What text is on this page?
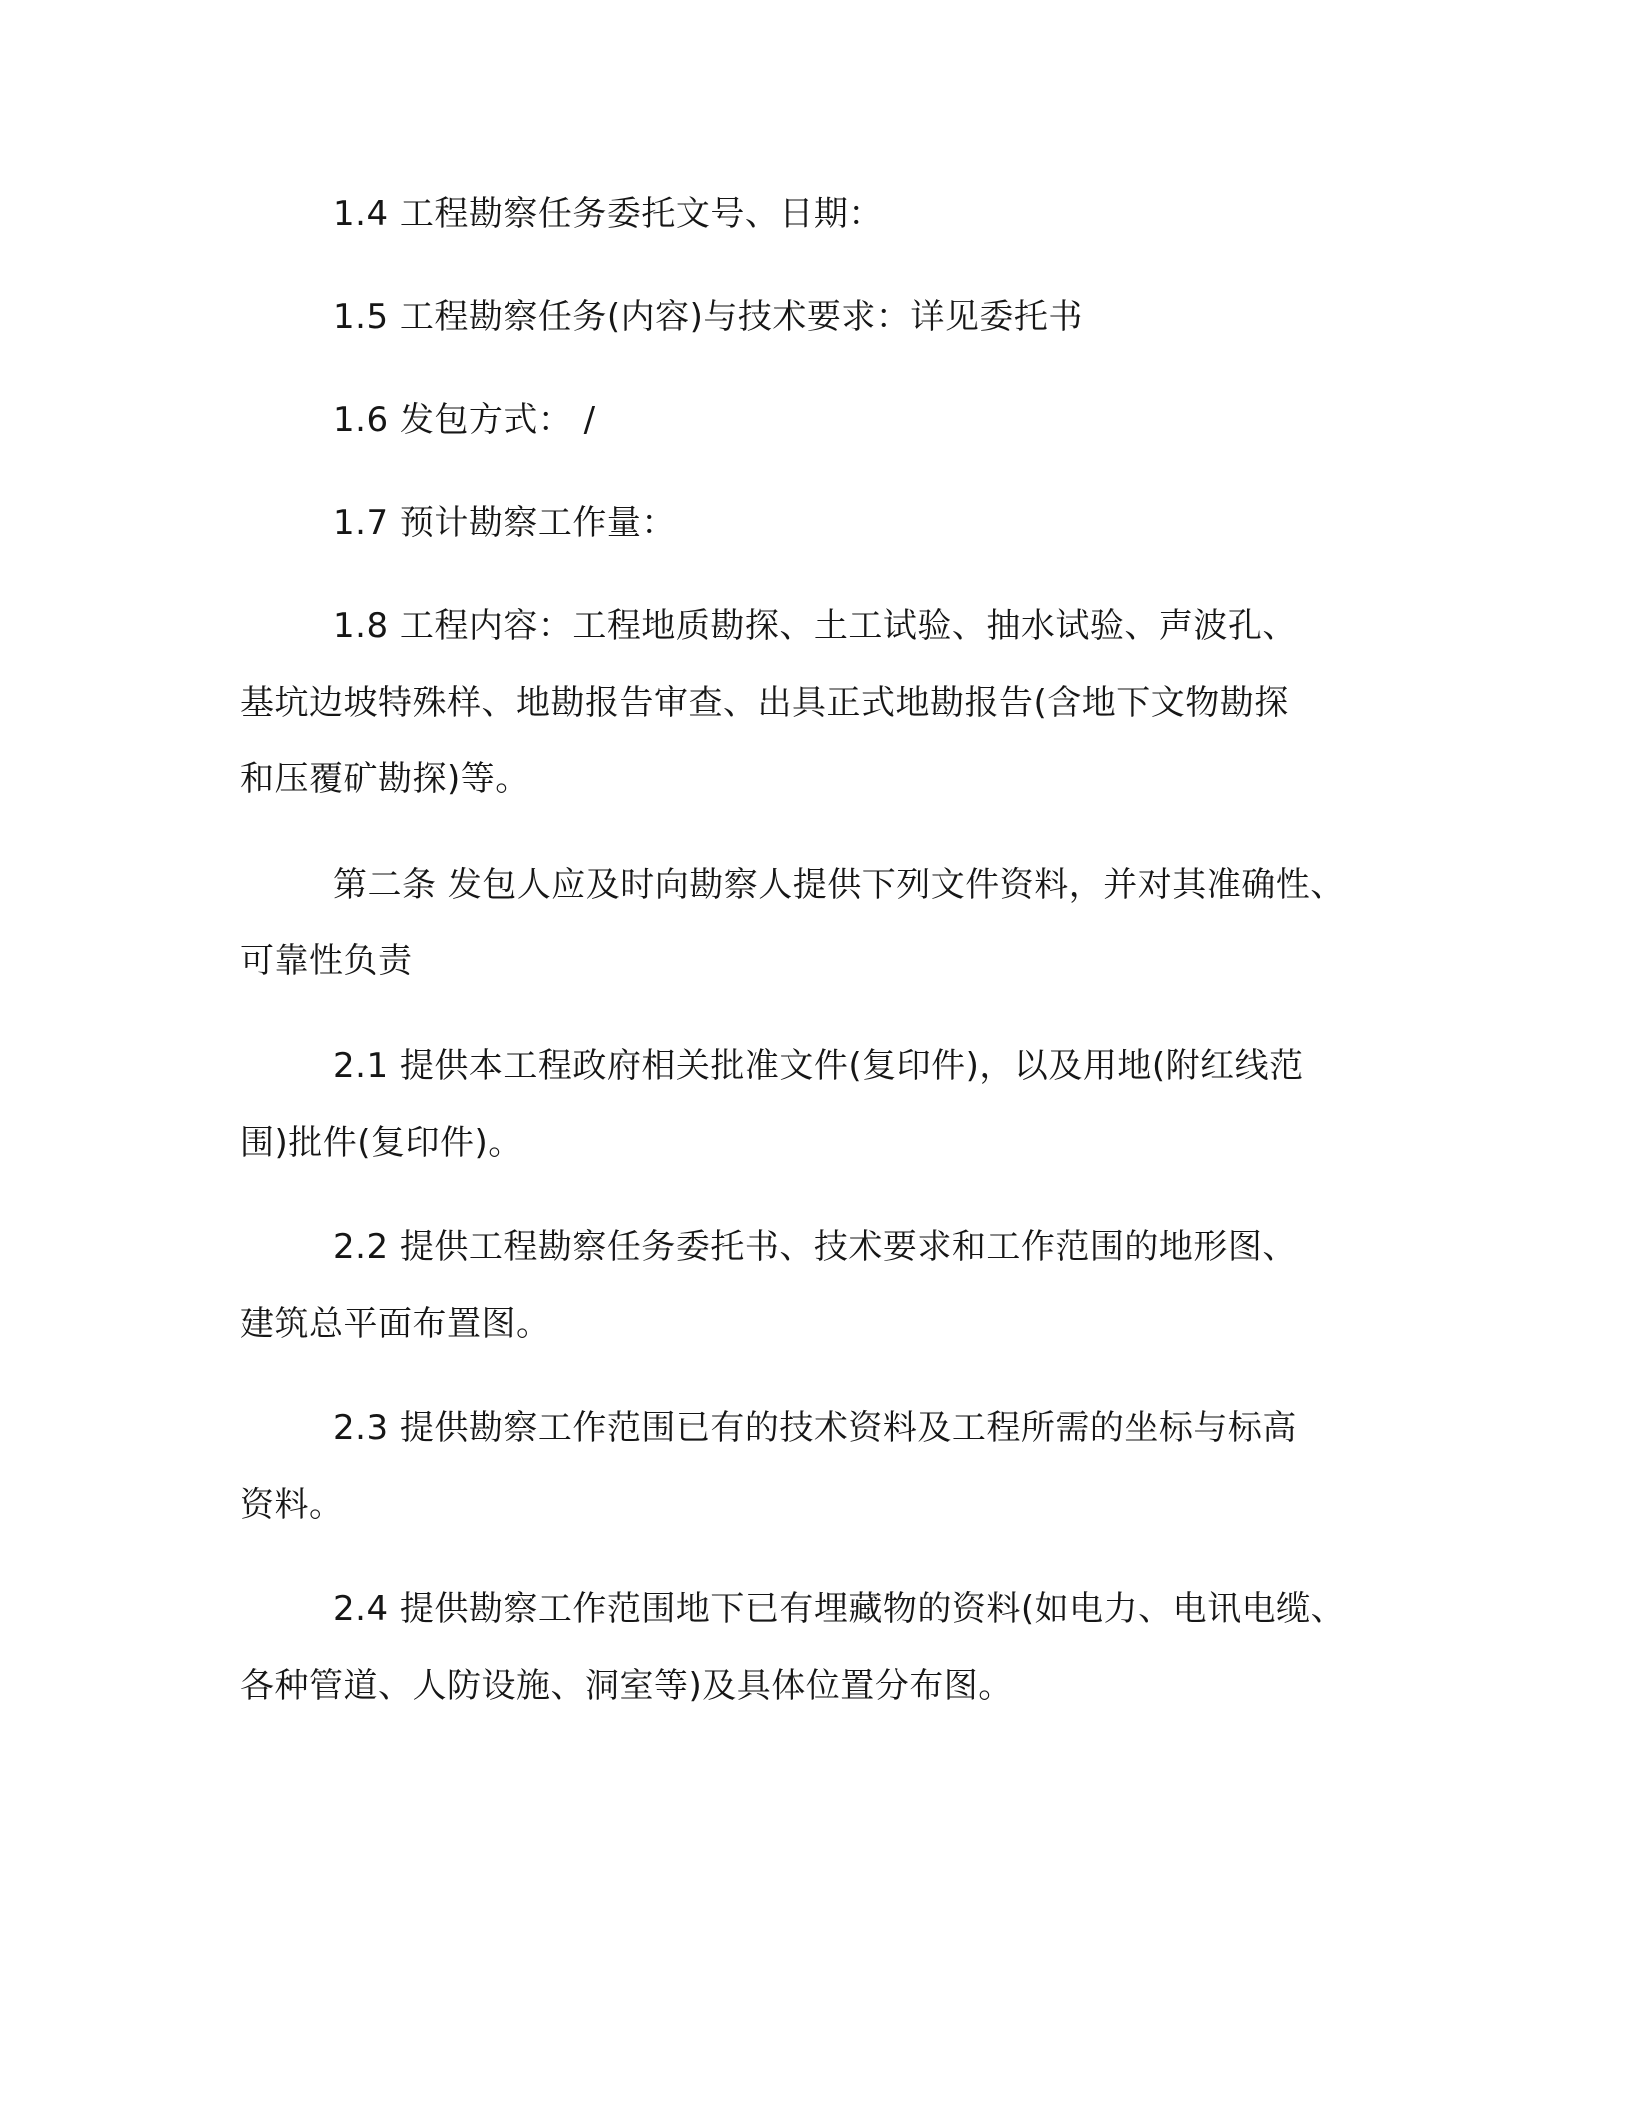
1.4 工程勘察任务委托文号、日期：
1.5 工程勘察任务(内容)与技术要求：详见委托书
1.6 发包方式： /
1.7 预计勘察工作量：
1.8 工程内容：工程地质勘探、土工试验、抽水试验、声波孔、
基坑边坡特殊样、地勘报告审查、出具正式地勘报告(含地下文物勘探
和压覆矿勘探)等。
第二条 发包人应及时向勘察人提供下列文件资料，并对其准确性、
可靠性负责
2.1 提供本工程政府相关批准文件(复印件)，以及用地(附红线范
围)批件(复印件)。
2.2 提供工程勘察任务委托书、技术要求和工作范围的地形图、
建筑总平面布置图。
2.3 提供勘察工作范围已有的技术资料及工程所需的坐标与标高
资料。
2.4 提供勘察工作范围地下已有埋藏物的资料(如电力、电讯电缆、
各种管道、人防设施、洞室等)及具体位置分布图。
